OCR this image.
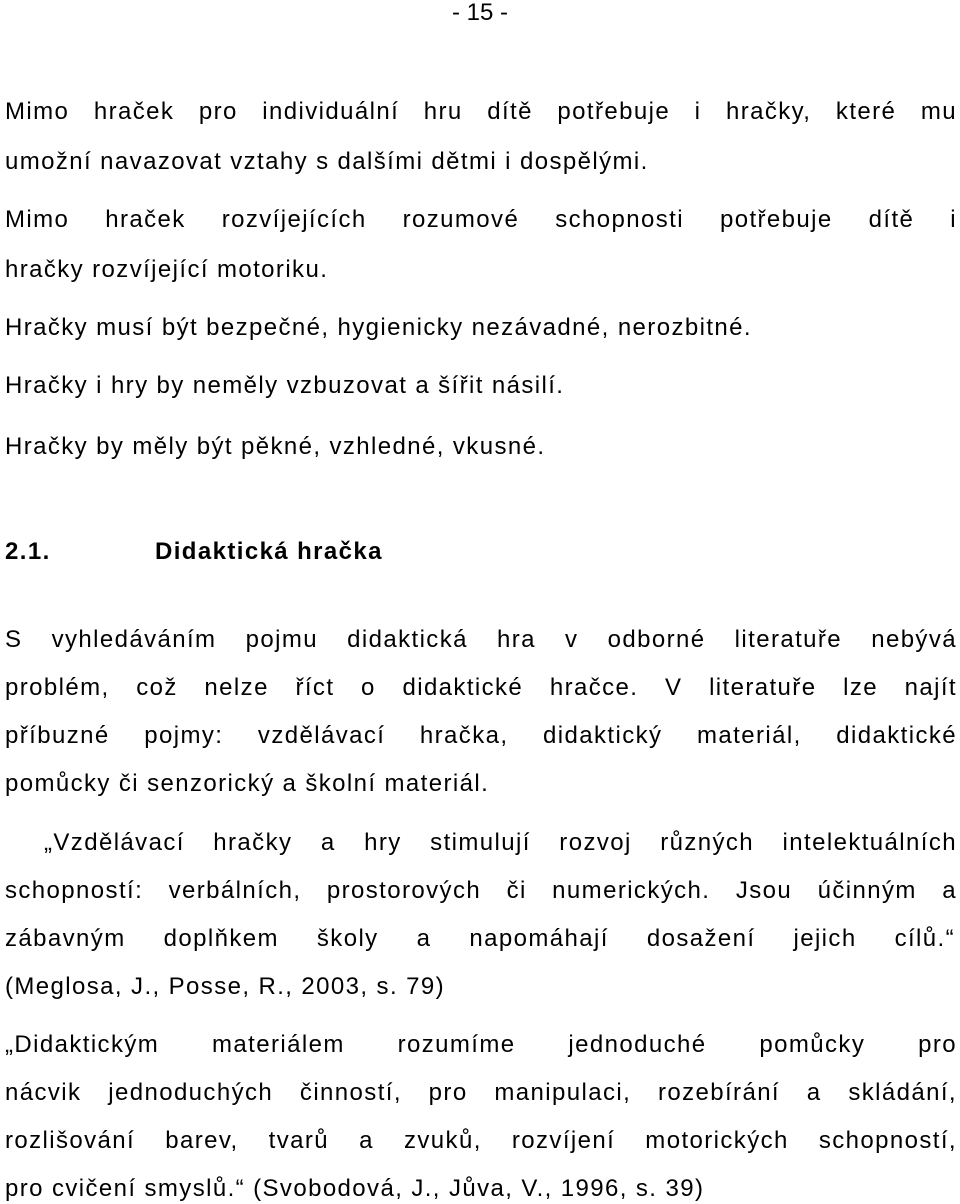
- 15 -
Mimo hraček pro individuální hru dítě potřebuje i hračky, které mu
umožní navazovat vztahy s dalšími dětmi i dospělými.
Mimo hraček rozvíjejících rozumové schopnosti potřebuje dítě i
hračky rozvíjející motoriku.
Hračky musí být bezpečné, hygienicky nezávadné, nerozbitné.
Hračky i hry by neměly vzbuzovat a šířit násilí.
Hračky by měly být pěkné, vzhledné, vkusné.
2.1.	Didaktická hračka
S vyhledáváním pojmu didaktická hra v odborné literatuře nebývá
problém, což nelze říct o didaktické hračce. V literatuře lze najít
příbuzné pojmy: vzdělávací hračka, didaktický materiál, didaktické
pomůcky či senzorický a školní materiál.
„Vzdělávací hračky a hry stimulují rozvoj různých intelektuálních
schopností: verbálních, prostorových či numerických. Jsou účinným a
zábavným doplňkem školy a napomáhají dosažení jejich cílů.“
(Meglosa, J., Posse, R., 2003, s. 79)
„Didaktickým materiálem rozumíme jednoduché pomůcky pro
nácvik jednoduchých činností, pro manipulaci, rozebírání a skládání,
rozlišování barev, tvarů a zvuků, rozvíjení motorických schopností,
pro cvičení smyslů.“ (Svobodová, J., Jůva, V., 1996, s. 39)
